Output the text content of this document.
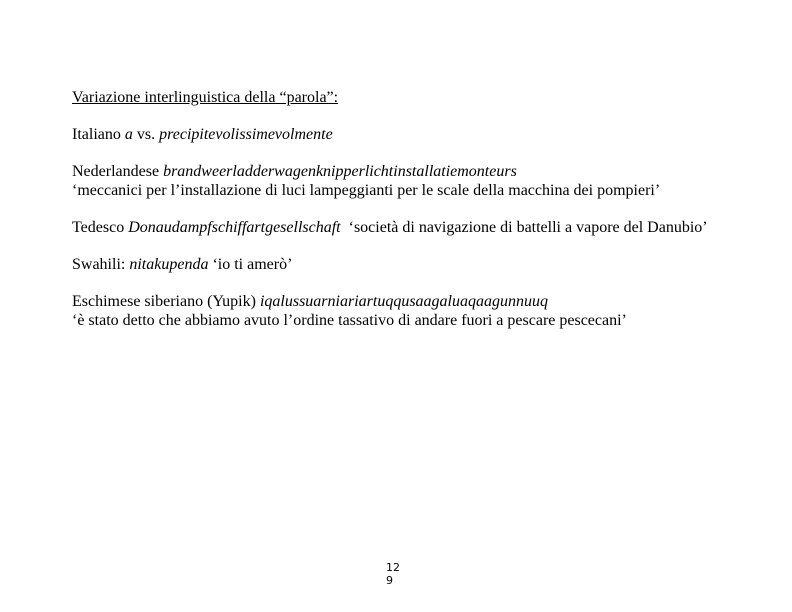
Variazione interlinguistica della “parola”:

Italiano a vs. precipitevolissimevolmente

Nederlandese brandweerladderwagenknipperlichtinstallatiemonteurs
‘meccanici per l’installazione di luci lampeggianti per le scale della macchina dei pompieri’

Tedesco Donaudampfschiffartgesellschaft  ‘società di navigazione di battelli a vapore del Danubio’

Swahili: nitakupenda ‘io ti amerò’

Eschimese siberiano (Yupik) iqalussuarniariartuqqusaagaluaqaagunnuuq
‘è stato detto che abbiamo avuto l’ordine tassativo di andare fuori a pescare pescecani’

12
9
